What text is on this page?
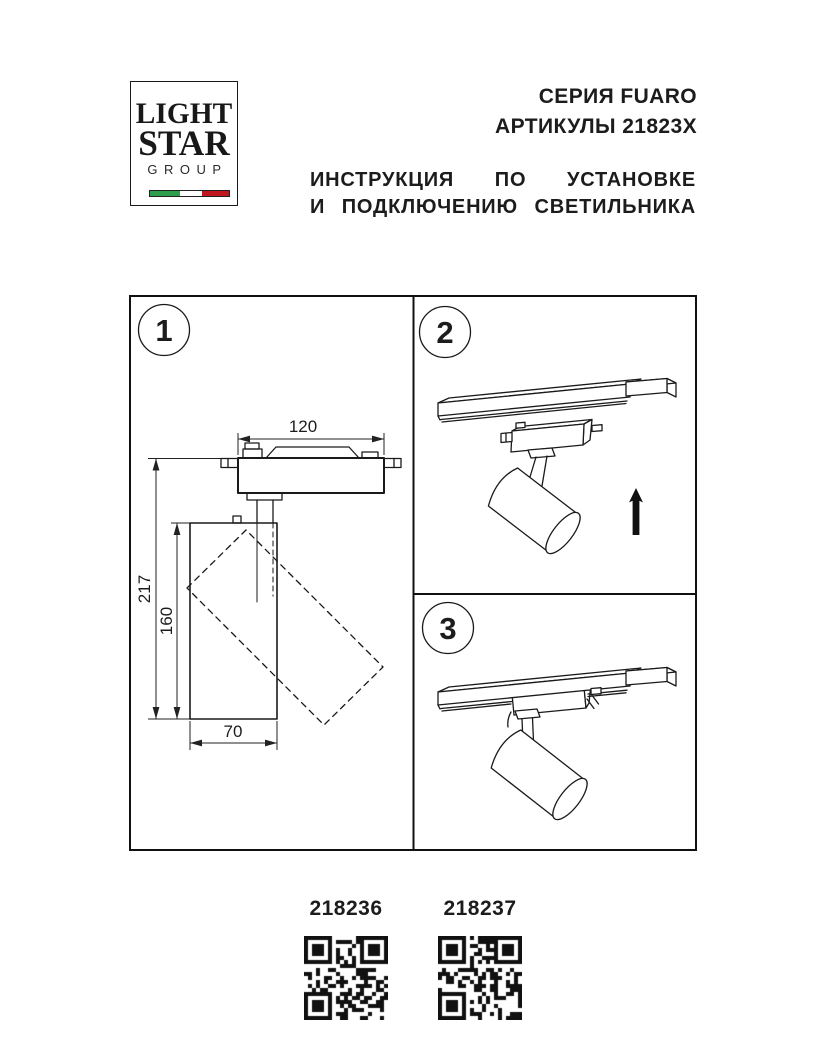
LIGHT
STAR
GROUP
СЕРИЯ FUARO
АРТИКУЛЫ 21823X
ИНСТРУКЦИЯ ПО УСТАНОВКЕ
И ПОДКЛЮЧЕНИЮ СВЕТИЛЬНИКА
1	2
3
120
217
160
70
218236	218237
